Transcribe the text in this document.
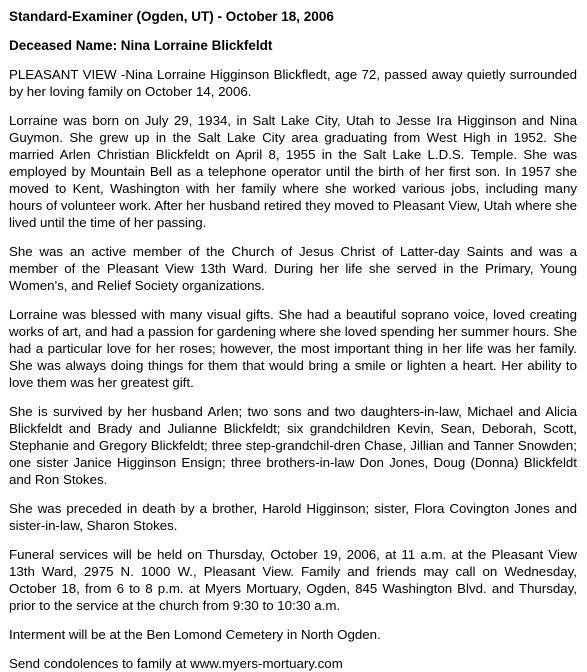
Standard-Examiner (Ogden, UT) - October 18, 2006

Deceased Name: Nina Lorraine Blickfeldt

PLEASANT VIEW -Nina Lorraine Higginson Blickfledt, age 72, passed away quietly surrounded by her loving family on October 14, 2006.

Lorraine was born on July 29, 1934, in Salt Lake City, Utah to Jesse Ira Higginson and Nina Guymon. She grew up in the Salt Lake City area graduating from West High in 1952. She married Arlen Christian Blickfeldt on April 8, 1955 in the Salt Lake L.D.S. Temple. She was employed by Mountain Bell as a telephone operator until the birth of her first son. In 1957 she moved to Kent, Washington with her family where she worked various jobs, including many hours of volunteer work. After her husband retired they moved to Pleasant View, Utah where she lived until the time of her passing.

She was an active member of the Church of Jesus Christ of Latter-day Saints and was a member of the Pleasant View 13th Ward. During her life she served in the Primary, Young Women's, and Relief Society organizations.

Lorraine was blessed with many visual gifts. She had a beautiful soprano voice, loved creating works of art, and had a passion for gardening where she loved spending her summer hours. She had a particular love for her roses; however, the most important thing in her life was her family. She was always doing things for them that would bring a smile or lighten a heart. Her ability to love them was her greatest gift.

She is survived by her husband Arlen; two sons and two daughters-in-law, Michael and Alicia Blickfeldt and Brady and Julianne Blickfeldt; six grandchildren Kevin, Sean, Deborah, Scott, Stephanie and Gregory Blickfeldt; three step-grandchil-dren Chase, Jillian and Tanner Snowden; one sister Janice Higginson Ensign; three brothers-in-law Don Jones, Doug (Donna) Blickfeldt and Ron Stokes.

She was preceded in death by a brother, Harold Higginson; sister, Flora Covington Jones and sister-in-law, Sharon Stokes.

Funeral services will be held on Thursday, October 19, 2006, at 11 a.m. at the Pleasant View 13th Ward, 2975 N. 1000 W., Pleasant View. Family and friends may call on Wednesday, October 18, from 6 to 8 p.m. at Myers Mortuary, Ogden, 845 Washington Blvd. and Thursday, prior to the service at the church from 9:30 to 10:30 a.m.

Interment will be at the Ben Lomond Cemetery in North Ogden.

Send condolences to family at www.myers-mortuary.com
